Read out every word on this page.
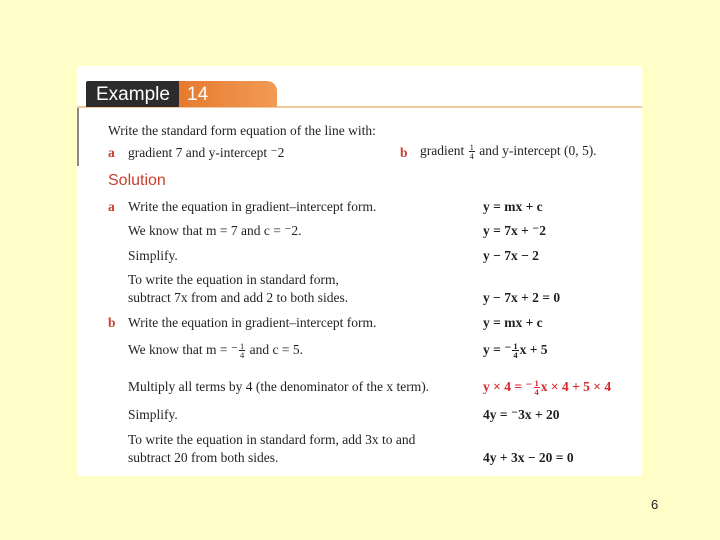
Example 14
Write the standard form equation of the line with:
a gradient 7 and y-intercept ⁻2	b gradient $\frac{1}{4}$ and y-intercept (0, 5).
Solution
a Write the equation in gradient–intercept form.
We know that m = 7 and c = ⁻2.
Simplify.
To write the equation in standard form,
subtract 7x from and add 2 to both sides.
y = mx + c
y = 7x + ⁻2
y − 7x − 2
y − 7x + 2 = 0
b Write the equation in gradient–intercept form.
We know that m = ⁻ $\frac{1}{4}$ and c = 5.
Multiply all terms by 4 (the denominator of the x term).
Simplify.
To write the equation in standard form, add 3x to and
subtract 20 from both sides.
y = mx + c
y = ⁻ $\frac{1}{4}$ x + 5
y × 4 = ⁻ $\frac{1}{4}$ x × 4 + 5 × 4
4y = ⁻3x + 20
4y + 3x − 20 = 0
6
